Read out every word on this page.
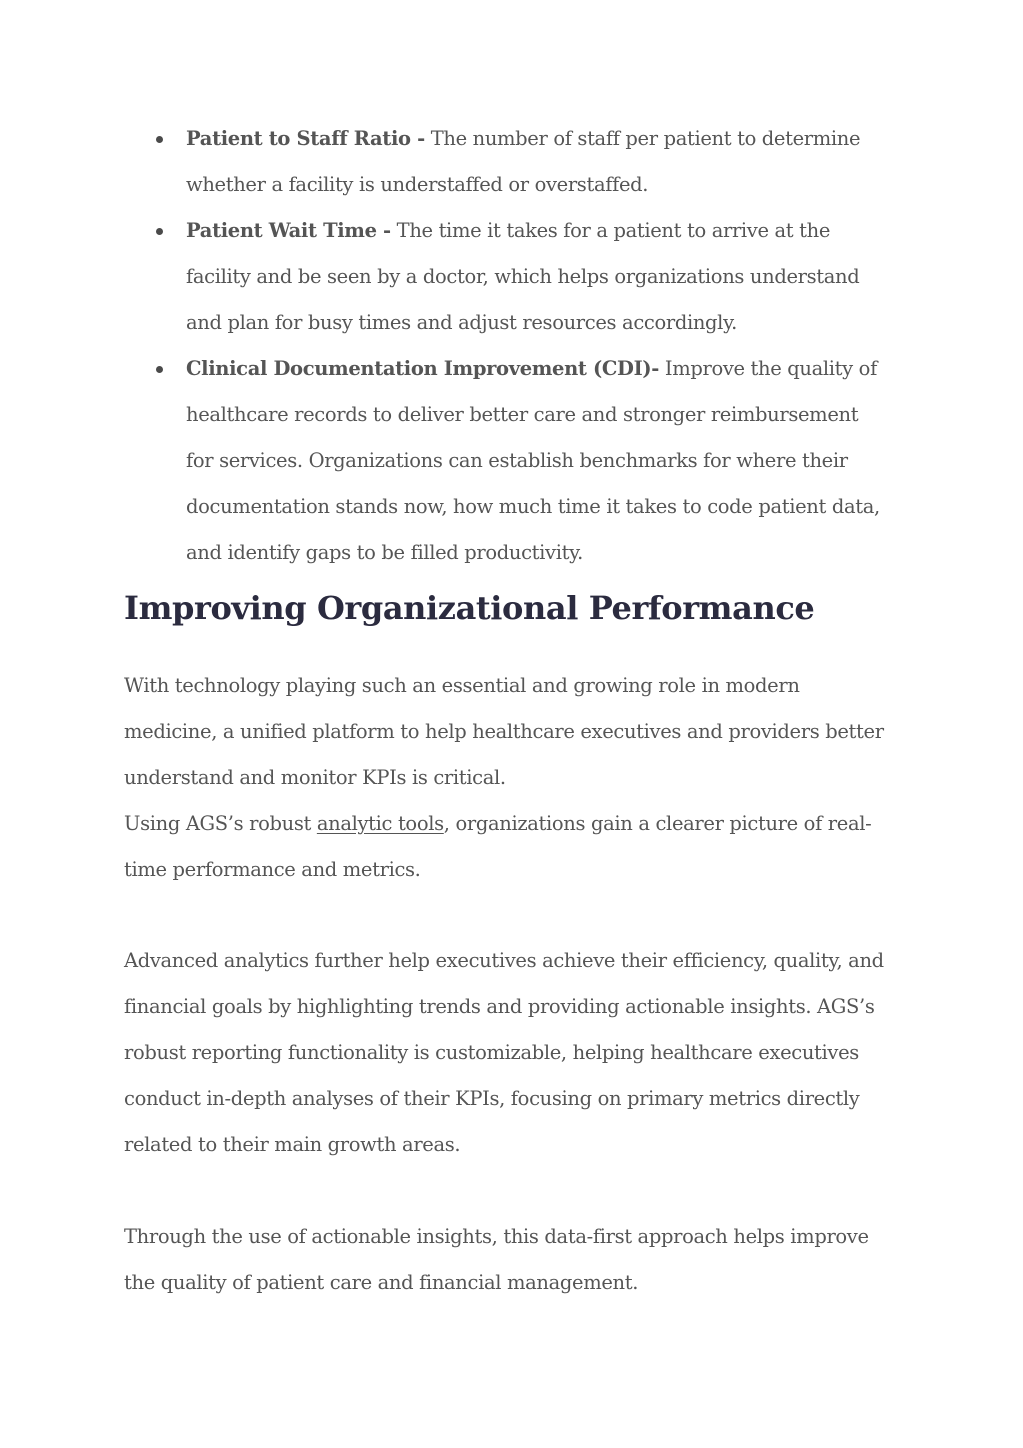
Patient to Staff Ratio - The number of staff per patient to determine whether a facility is understaffed or overstaffed.
Patient Wait Time - The time it takes for a patient to arrive at the facility and be seen by a doctor, which helps organizations understand and plan for busy times and adjust resources accordingly.
Clinical Documentation Improvement (CDI)- Improve the quality of healthcare records to deliver better care and stronger reimbursement for services. Organizations can establish benchmarks for where their documentation stands now, how much time it takes to code patient data, and identify gaps to be filled productivity.
Improving Organizational Performance

With technology playing such an essential and growing role in modern medicine, a unified platform to help healthcare executives and providers better understand and monitor KPIs is critical.

Using AGS’s robust analytic tools, organizations gain a clearer picture of real-time performance and metrics.

Advanced analytics further help executives achieve their efficiency, quality, and financial goals by highlighting trends and providing actionable insights. AGS’s robust reporting functionality is customizable, helping healthcare executives conduct in-depth analyses of their KPIs, focusing on primary metrics directly related to their main growth areas.

Through the use of actionable insights, this data-first approach helps improve the quality of patient care and financial management.
